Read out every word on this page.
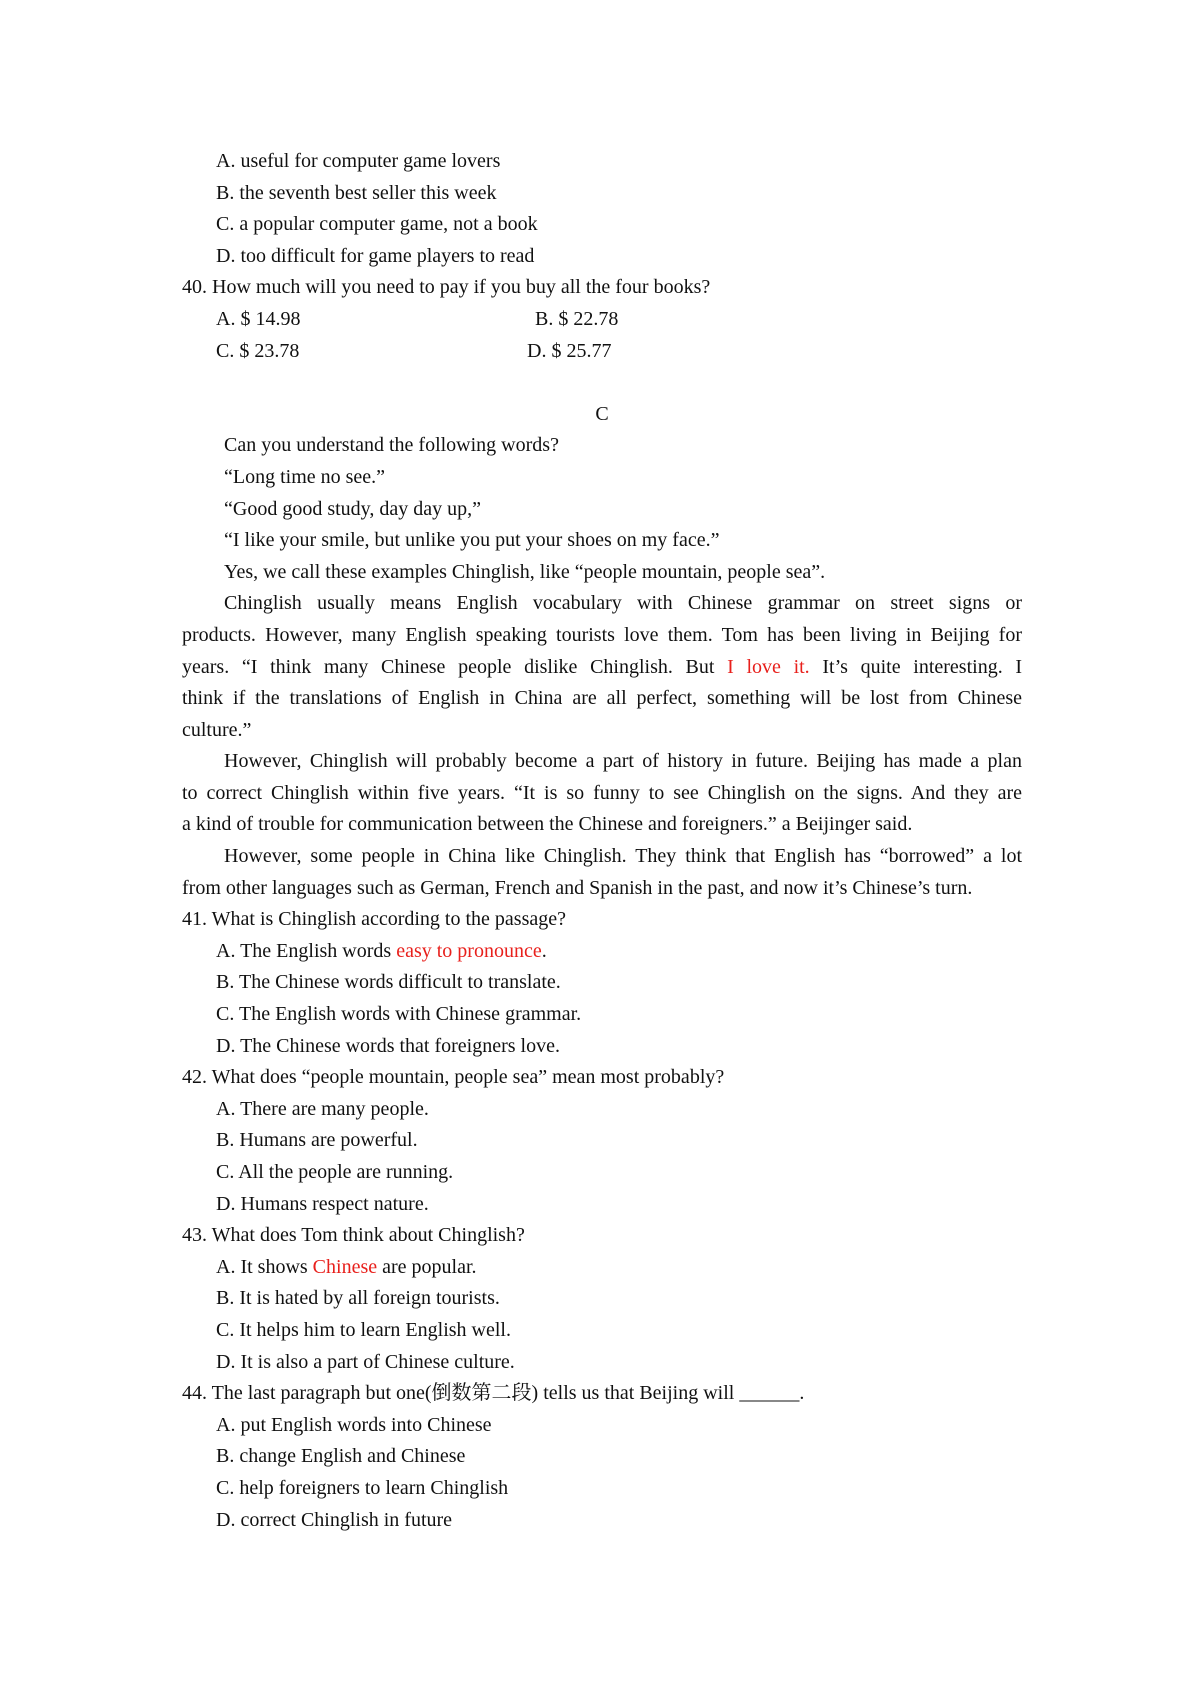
A. useful for computer game lovers
B. the seventh best seller this week
C. a popular computer game, not a book
D. too difficult for game players to read
40. How much will you need to pay if you buy all the four books?
A. $ 14.98	B. $ 22.78
C. $ 23.78	D. $ 25.77
C
Can you understand the following words?
“Long time no see.”
“Good good study, day day up,”
“I like your smile, but unlike you put your shoes on my face.”
Yes, we call these examples Chinglish, like “people mountain, people sea”.
Chinglish usually means English vocabulary with Chinese grammar on street signs or
products. However, many English speaking tourists love them. Tom has been living in Beijing for
years. “I think many Chinese people dislike Chinglish. But I love it. It’s quite interesting. I
think if the translations of English in China are all perfect, something will be lost from Chinese
culture.”
However, Chinglish will probably become a part of history in future. Beijing has made a plan
to correct Chinglish within five years. “It is so funny to see Chinglish on the signs. And they are
a kind of trouble for communication between the Chinese and foreigners.” a Beijinger said.
However, some people in China like Chinglish. They think that English has “borrowed” a lot
from other languages such as German, French and Spanish in the past, and now it’s Chinese’s turn.
41. What is Chinglish according to the passage?
A. The English words easy to pronounce.
B. The Chinese words difficult to translate.
C. The English words with Chinese grammar.
D. The Chinese words that foreigners love.
42. What does “people mountain, people sea” mean most probably?
A. There are many people.
B. Humans are powerful.
C. All the people are running.
D. Humans respect nature.
43. What does Tom think about Chinglish?
A. It shows Chinese are popular.
B. It is hated by all foreign tourists.
C. It helps him to learn English well.
D. It is also a part of Chinese culture.
44. The last paragraph but one(倒数第二段) tells us that Beijing will ______.
A. put English words into Chinese
B. change English and Chinese
C. help foreigners to learn Chinglish
D. correct Chinglish in future
